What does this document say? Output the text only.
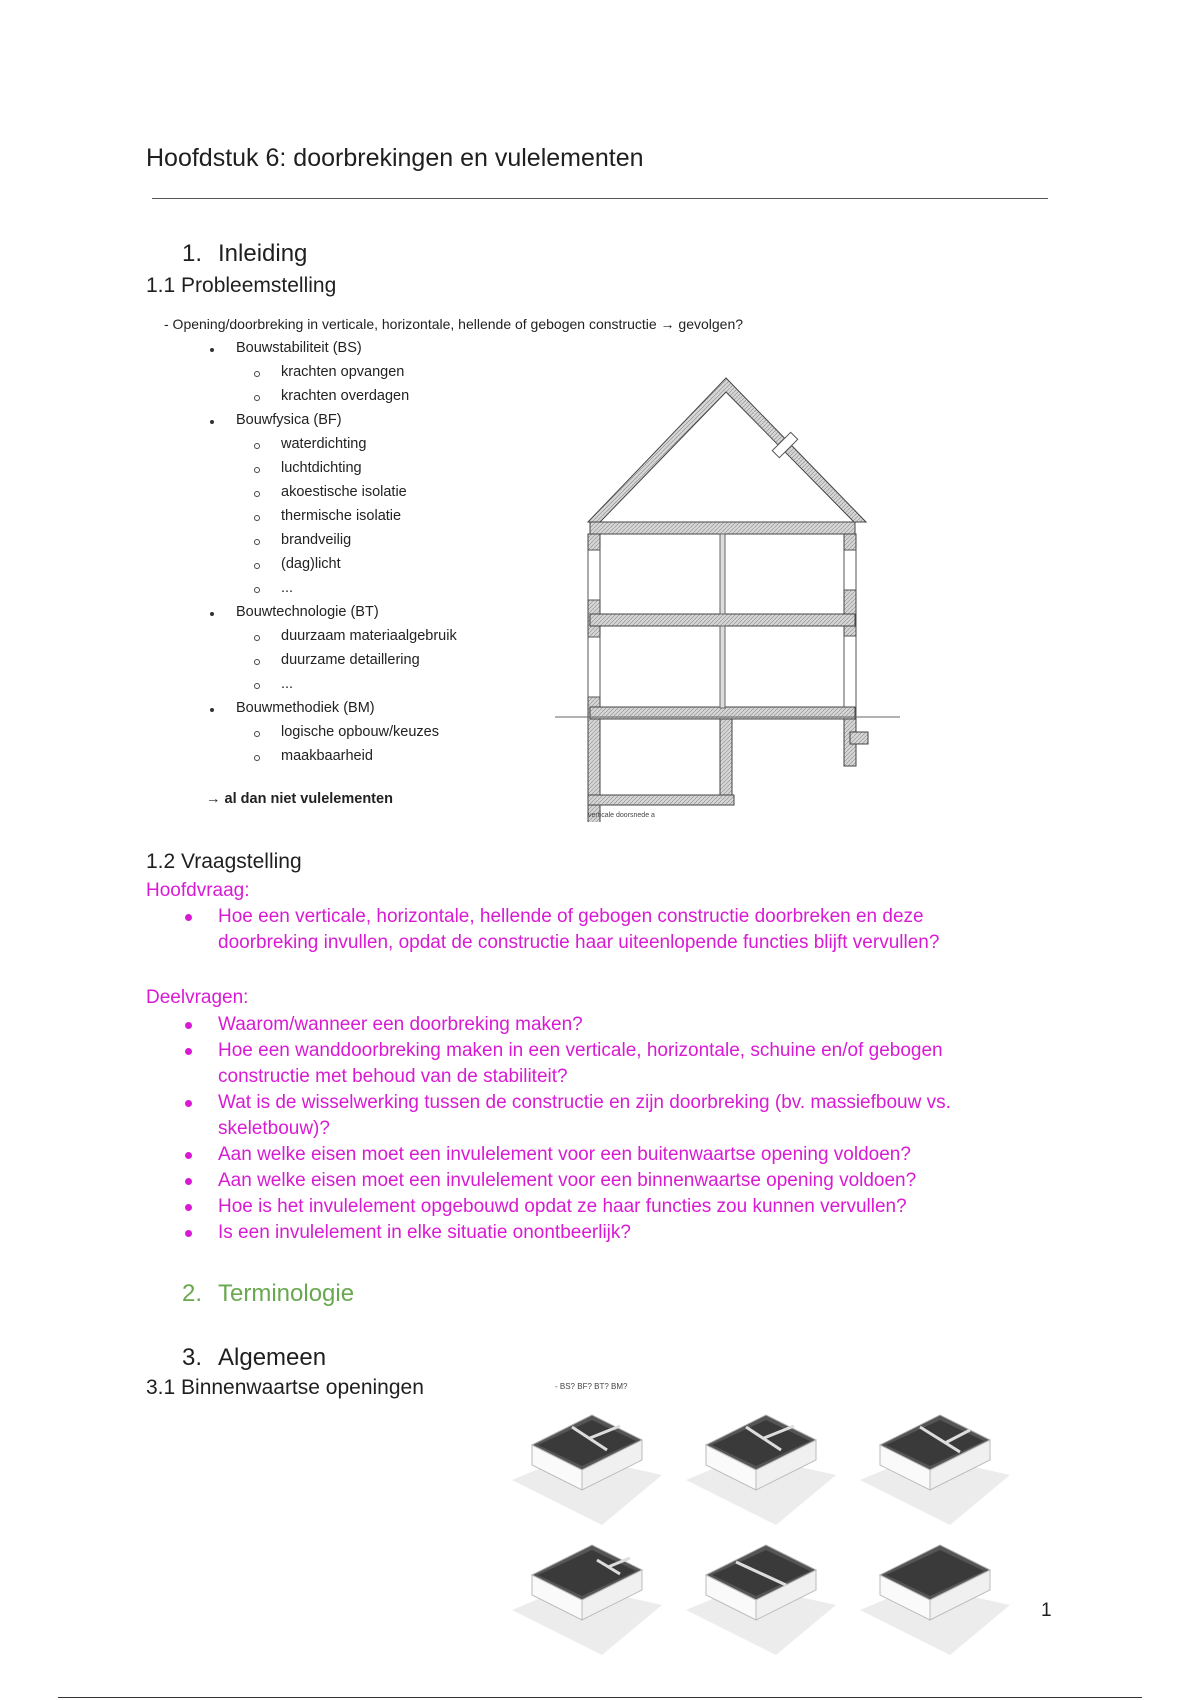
Hoofdstuk 6: doorbrekingen en vulelementen
1. Inleiding
1.1 Probleemstelling
- Opening/doorbreking in verticale, horizontale, hellende of gebogen constructie → gevolgen?
Bouwstabiliteit (BS)
krachten opvangen
krachten overdagen
Bouwfysica (BF)
waterdichting
luchtdichting
akoestische isolatie
thermische isolatie
brandveilig
(dag)licht
...
Bouwtechnologie (BT)
duurzaam materiaalgebruik
duurzame detaillering
...
Bouwmethodiek (BM)
logische opbouw/keuzes
maakbaarheid
→ al dan niet vulelementen
verticale doorsnede a
1.2 Vraagstelling
Hoofdvraag:
Hoe een verticale, horizontale, hellende of gebogen constructie doorbreken en deze
doorbreking invullen, opdat de constructie haar uiteenlopende functies blijft vervullen?
Deelvragen:
Waarom/wanneer een doorbreking maken?
Hoe een wanddoorbreking maken in een verticale, horizontale, schuine en/of gebogen
constructie met behoud van de stabiliteit?
Wat is de wisselwerking tussen de constructie en zijn doorbreking (bv. massiefbouw vs.
skeletbouw)?
Aan welke eisen moet een invulelement voor een buitenwaartse opening voldoen?
Aan welke eisen moet een invulelement voor een binnenwaartse opening voldoen?
Hoe is het invulelement opgebouwd opdat ze haar functies zou kunnen vervullen?
Is een invulelement in elke situatie onontbeerlijk?
2. Terminologie
3. Algemeen
3.1 Binnenwaartse openingen	- BS? BF? BT? BM?
1
